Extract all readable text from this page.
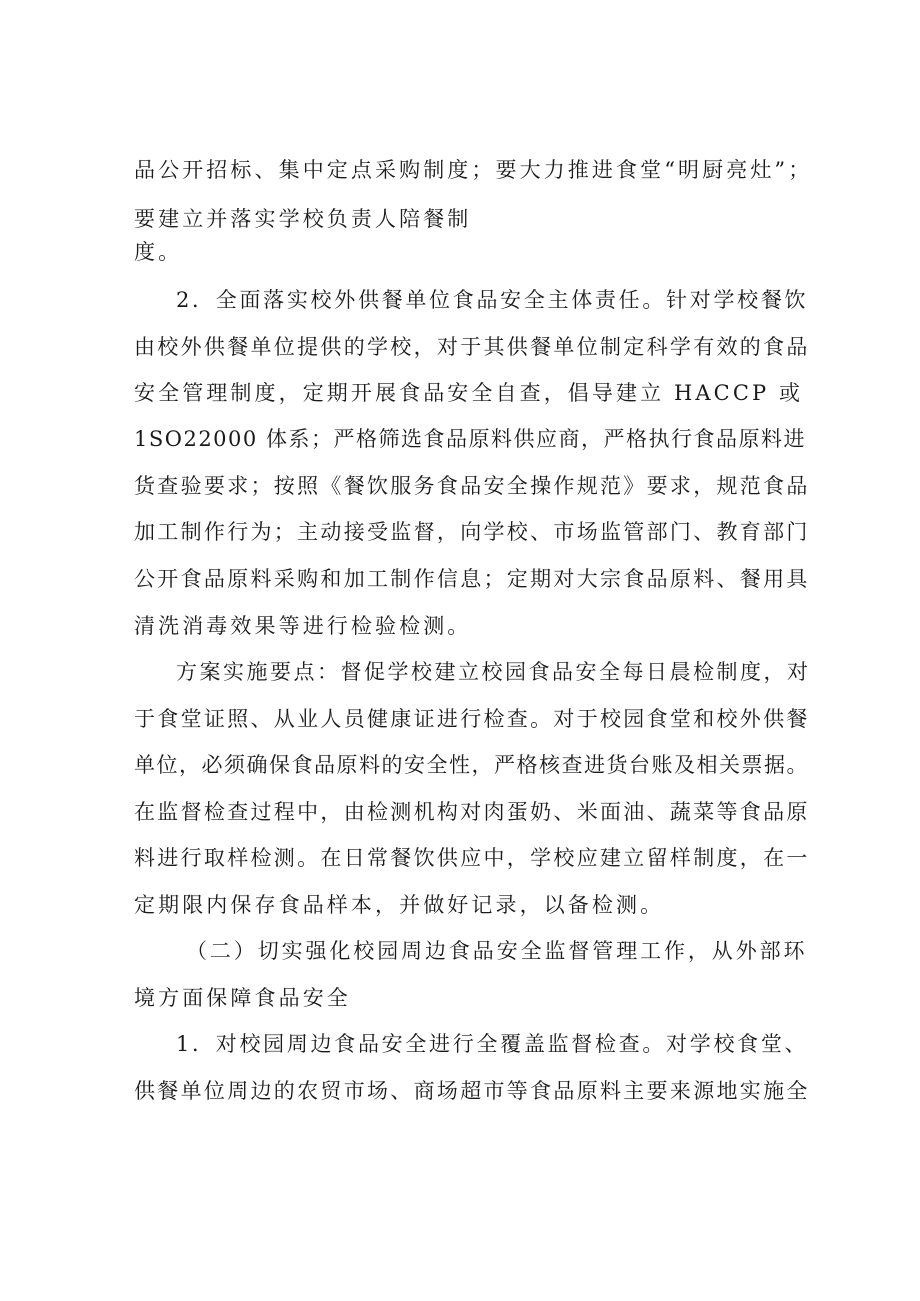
品公开招标、集中定点采购制度；要大力推进食堂“明厨亮灶”；
要建立并落实学校负责人陪餐制
度。
2．全面落实校外供餐单位食品安全主体责任。针对学校餐饮
由校外供餐单位提供的学校，对于其供餐单位制定科学有效的食品
安全管理制度，定期开展食品安全自查，倡导建立 HACCP 或
1SO22000 体系；严格筛选食品原料供应商，严格执行食品原料进
货查验要求；按照《餐饮服务食品安全操作规范》要求，规范食品
加工制作行为；主动接受监督，向学校、市场监管部门、教育部门
公开食品原料采购和加工制作信息；定期对大宗食品原料、餐用具
清洗消毒效果等进行检验检测。
方案实施要点：督促学校建立校园食品安全每日晨检制度，对
于食堂证照、从业人员健康证进行检查。对于校园食堂和校外供餐
单位，必须确保食品原料的安全性，严格核查进货台账及相关票据。
在监督检查过程中，由检测机构对肉蛋奶、米面油、蔬菜等食品原
料进行取样检测。在日常餐饮供应中，学校应建立留样制度，在一
定期限内保存食品样本，并做好记录，以备检测。
（二）切实强化校园周边食品安全监督管理工作，从外部环
境方面保障食品安全
1．对校园周边食品安全进行全覆盖监督检查。对学校食堂、
供餐单位周边的农贸市场、商场超市等食品原料主要来源地实施全
